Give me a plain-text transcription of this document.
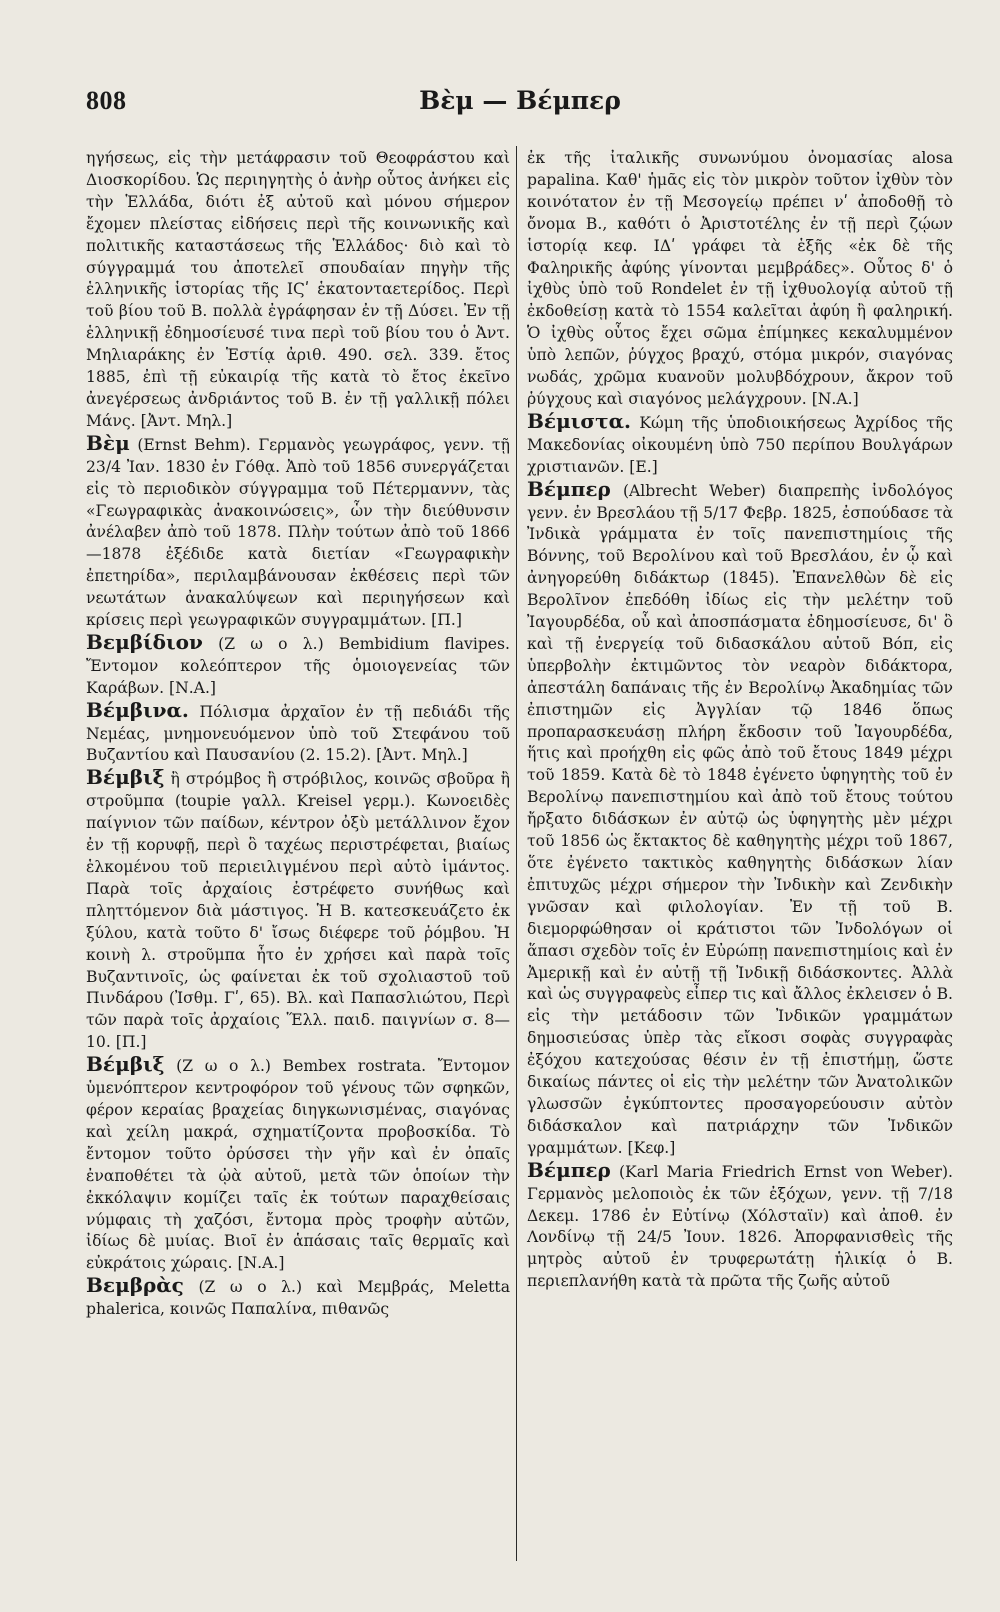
808	Βὲμ — Βέμπερ

ηγήσεως, εἰς τὴν μετάφρασιν τοῦ Θεοφράστου καὶ Διοσκορίδου. Ὡς περιηγητὴς ὁ ἀνὴρ οὗτος ἀνήκει εἰς τὴν Ἑλλάδα, διότι ἐξ αὐτοῦ καὶ μόνου σήμερον ἔχομεν πλείστας εἰδήσεις περὶ τῆς κοινωνικῆς καὶ πολιτικῆς καταστάσεως τῆς Ἑλλάδος· διὸ καὶ τὸ σύγγραμμά του ἀποτελεῖ σπουδαίαν πηγὴν τῆς ἑλληνικῆς ἱστορίας τῆς ΙϚʹ ἑκατονταετερίδος. Περὶ τοῦ βίου τοῦ Β. πολλὰ ἐγράφησαν ἐν τῇ Δύσει. Ἐν τῇ ἑλληνικῇ ἐδημοσίευσέ τινα περὶ τοῦ βίου του ὁ Ἀντ. Μηλιαράκης ἐν Ἑστίᾳ ἀριθ. 490. σελ. 339. ἔτος 1885, ἐπὶ τῇ εὐκαιρίᾳ τῆς κατὰ τὸ ἔτος ἐκεῖνο ἀνεγέρσεως ἀνδριάντος τοῦ Β. ἐν τῇ γαλλικῇ πόλει Μάνς. [Ἀντ. Μηλ.]

Βὲμ (Ernst Behm). Γερμανὸς γεωγράφος, γενν. τῇ 23/4 Ἰαν. 1830 ἐν Γόθᾳ. Ἀπὸ τοῦ 1856 συνεργάζεται εἰς τὸ περιοδικὸν σύγγραμμα τοῦ Πέτερμαννν, τὰς «Γεωγραφικὰς ἀνακοινώσεις», ὧν τὴν διεύθυνσιν ἀνέλαβεν ἀπὸ τοῦ 1878. Πλὴν τούτων ἀπὸ τοῦ 1866—1878 ἐξέδιδε κατὰ διετίαν «Γεωγραφικὴν ἐπετηρίδα», περιλαμβάνουσαν ἐκθέσεις περὶ τῶν νεωτάτων ἀνακαλύψεων καὶ περιηγήσεων καὶ κρίσεις περὶ γεωγραφικῶν συγγραμμάτων. [Π.]

Βεμβίδιον (Ζ ω ο λ.) Bembidium flavipes. Ἔντομον κολεόπτερον τῆς ὁμοιογενείας τῶν Καράβων. [Ν.Α.]

Βέμβινα. Πόλισμα ἀρχαῖον ἐν τῇ πεδιάδι τῆς Νεμέας, μνημονευόμενον ὑπὸ τοῦ Στεφάνου τοῦ Βυζαντίου καὶ Παυσανίου (2. 15.2). [Ἀντ. Μηλ.]

Βέμβιξ ἢ στρόμβος ἢ στρόβιλος, κοινῶς σβοῦρα ἢ στροῦμπα (toupie γαλλ. Kreisel γερμ.). Κωνοειδὲς παίγνιον τῶν παίδων, κέντρον ὀξὺ μετάλλινον ἔχον ἐν τῇ κορυφῇ, περὶ ὃ ταχέως περιστρέφεται, βιαίως ἑλκομένου τοῦ περιειλιγμένου περὶ αὐτὸ ἱμάντος. Παρὰ τοῖς ἀρχαίοις ἐστρέφετο συνήθως καὶ πληττόμενον διὰ μάστιγος. Ἡ Β. κατεσκευάζετο ἐκ ξύλου, κατὰ τοῦτο δ' ἴσως διέφερε τοῦ ῥόμβου. Ἡ κοινὴ λ. στροῦμπα ἦτο ἐν χρήσει καὶ παρὰ τοῖς Βυζαντινοῖς, ὡς φαίνεται ἐκ τοῦ σχολιαστοῦ τοῦ Πινδάρου (Ἰσθμ. Γʹ, 65). Βλ. καὶ Παπασλιώτου, Περὶ τῶν παρὰ τοῖς ἀρχαίοις Ἕλλ. παιδ. παιγνίων σ. 8—10. [Π.]

Βέμβιξ (Ζ ω ο λ.) Bembex rostrata. Ἔντομον ὑμενόπτερον κεντροφόρον τοῦ γένους τῶν σφηκῶν, φέρον κεραίας βραχείας διηγκωνισμένας, σιαγόνας καὶ χείλη μακρά, σχηματίζοντα προβοσκίδα. Τὸ ἔντομον τοῦτο ὀρύσσει τὴν γῆν καὶ ἐν ὀπαῖς ἐναποθέτει τὰ ᾠὰ αὐτοῦ, μετὰ τῶν ὁποίων τὴν ἐκκόλαψιν κομίζει ταῖς ἐκ τούτων παραχθείσαις νύμφαις τὴ χαζόσι, ἔντομα πρὸς τροφὴν αὐτῶν, ἰδίως δὲ μυίας. Βιοῖ ἐν ἁπάσαις ταῖς θερμαῖς καὶ εὐκράτοις χώραις. [Ν.Α.]

Βεμβρὰς (Ζ ω ο λ.) καὶ Μεμβράς, Meletta phalerica, κοινῶς Παπαλίνα, πιθανῶς

ἐκ τῆς ἰταλικῆς συνωνύμου ὀνομασίας alosa papalina. Καθ' ἡμᾶς εἰς τὸν μικρὸν τοῦτον ἰχθὺν τὸν κοινότατον ἐν τῇ Μεσογείῳ πρέπει νʹ ἀποδοθῇ τὸ ὄνομα Β., καθότι ὁ Ἀριστοτέλης ἐν τῇ περὶ ζῴων ἱστορίᾳ κεφ. ΙΔʹ γράφει τὰ ἑξῆς «ἐκ δὲ τῆς Φαληρικῆς ἀφύης γίνονται μεμβράδες». Οὗτος δ' ὁ ἰχθὺς ὑπὸ τοῦ Rondelet ἐν τῇ ἰχθυολογίᾳ αὐτοῦ τῇ ἐκδοθείσῃ κατὰ τὸ 1554 καλεῖται ἀφύη ἢ φαληρική. Ὁ ἰχθὺς οὗτος ἔχει σῶμα ἐπίμηκες κεκαλυμμένον ὑπὸ λεπῶν, ῥύγχος βραχύ, στόμα μικρόν, σιαγόνας νωδάς, χρῶμα κυανοῦν μολυβδόχρουν, ἄκρον τοῦ ῥύγχους καὶ σιαγόνος μελάγχρουν. [Ν.Α.]

Βέμιστα. Κώμη τῆς ὑποδιοικήσεως Ἀχρίδος τῆς Μακεδονίας οἰκουμένη ὑπὸ 750 περίπου Βουλγάρων χριστιανῶν. [Ε.]

Βέμπερ (Albrecht Weber) διαπρεπὴς ἰνδολόγος γενν. ἐν Βρεσλάου τῇ 5/17 Φεβρ. 1825, ἐσπούδασε τὰ Ἰνδικὰ γράμματα ἐν τοῖς πανεπιστημίοις τῆς Βόννης, τοῦ Βερολίνου καὶ τοῦ Βρεσλάου, ἐν ᾧ καὶ ἀνηγορεύθη διδάκτωρ (1845). Ἐπανελθὼν δὲ εἰς Βερολῖνον ἐπεδόθη ἰδίως εἰς τὴν μελέτην τοῦ Ἰαγουρδέδα, οὗ καὶ ἀποσπάσματα ἐδημοσίευσε, δι' ὃ καὶ τῇ ἐνεργείᾳ τοῦ διδασκάλου αὐτοῦ Βόπ, εἰς ὑπερβολὴν ἐκτιμῶντος τὸν νεαρὸν διδάκτορα, ἀπεστάλη δαπάναις τῆς ἐν Βερολίνῳ Ἀκαδημίας τῶν ἐπιστημῶν εἰς Ἀγγλίαν τῷ 1846 ὅπως προπαρασκευάσῃ πλήρη ἔκδοσιν τοῦ Ἰαγουρδέδα, ἥτις καὶ προήχθη εἰς φῶς ἀπὸ τοῦ ἔτους 1849 μέχρι τοῦ 1859. Κατὰ δὲ τὸ 1848 ἐγένετο ὑφηγητὴς τοῦ ἐν Βερολίνῳ πανεπιστημίου καὶ ἀπὸ τοῦ ἔτους τούτου ἤρξατο διδάσκων ἐν αὐτῷ ὡς ὑφηγητὴς μὲν μέχρι τοῦ 1856 ὡς ἔκτακτος δὲ καθηγητὴς μέχρι τοῦ 1867, ὅτε ἐγένετο τακτικὸς καθηγητὴς διδάσκων λίαν ἐπιτυχῶς μέχρι σήμερον τὴν Ἰνδικὴν καὶ Ζενδικὴν γνῶσαν καὶ φιλολογίαν. Ἐν τῇ τοῦ Β. διεμορφώθησαν οἱ κράτιστοι τῶν Ἰνδολόγων οἱ ἅπασι σχεδὸν τοῖς ἐν Εὐρώπῃ πανεπιστημίοις καὶ ἐν Ἀμερικῇ καὶ ἐν αὐτῇ τῇ Ἰνδικῇ διδάσκοντες. Ἀλλὰ καὶ ὡς συγγραφεὺς εἶπερ τις καὶ ἄλλος ἐκλεισεν ὁ Β. εἰς τὴν μετάδοσιν τῶν Ἰνδικῶν γραμμάτων δημοσιεύσας ὑπὲρ τὰς εἴκοσι σοφὰς συγγραφὰς ἐξόχου κατεχούσας θέσιν ἐν τῇ ἐπιστήμῃ, ὥστε δικαίως πάντες οἱ εἰς τὴν μελέτην τῶν Ἀνατολικῶν γλωσσῶν ἐγκύπτοντες προσαγορεύουσιν αὐτὸν διδάσκαλον καὶ πατριάρχην τῶν Ἰνδικῶν γραμμάτων. [Κεφ.]

Βέμπερ (Karl Maria Friedrich Ernst von Weber). Γερμανὸς μελοποιὸς ἐκ τῶν ἐξόχων, γενν. τῇ 7/18 Δεκεμ. 1786 ἐν Εὐτίνῳ (Χόλσταϊν) καὶ ἀποθ. ἐν Λονδίνῳ τῇ 24/5 Ἰουν. 1826. Ἀπορφανισθεὶς τῆς μητρὸς αὐτοῦ ἐν τρυφερωτάτῃ ἡλικίᾳ ὁ Β. περιεπλανήθη κατὰ τὰ πρῶτα τῆς ζωῆς αὐτοῦ
